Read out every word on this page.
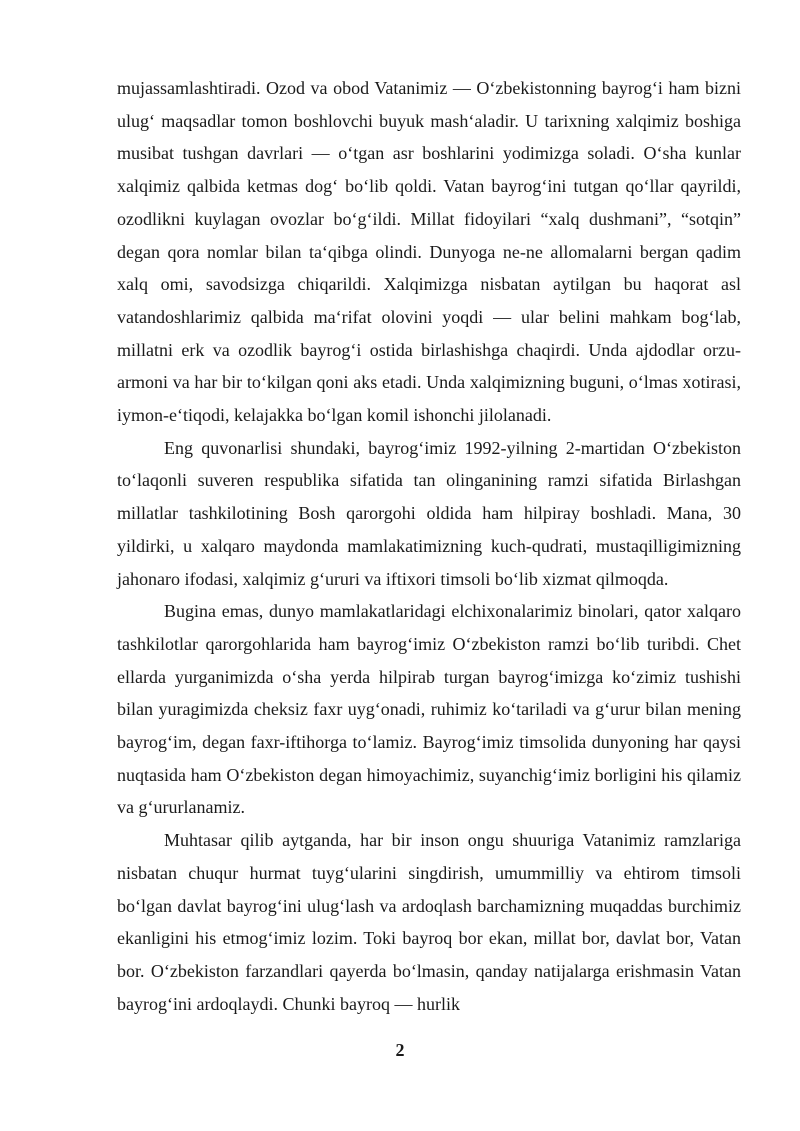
mujassamlashtiradi. Ozod va obod Vatanimiz — O‘zbekistonning bayrog‘i ham bizni ulug‘ maqsadlar tomon boshlovchi buyuk mash‘aladir. U tarixning xalqimiz boshiga musibat tushgan davrlari — o‘tgan asr boshlarini yodimizga soladi. O‘sha kunlar xalqimiz qalbida ketmas dog‘ bo‘lib qoldi. Vatan bayrog‘ini tutgan qo‘llar qayrildi, ozodlikni kuylagan ovozlar bo‘g‘ildi. Millat fidoyilari “xalq dushmani”, “sotqin” degan qora nomlar bilan ta‘qibga olindi. Dunyoga ne-ne allomalarni bergan qadim xalq omi, savodsizga chiqarildi. Xalqimizga nisbatan aytilgan bu haqorat asl vatandoshlarimiz qalbida ma‘rifat olovini yoqdi — ular belini mahkam bog‘lab, millatni erk va ozodlik bayrog‘i ostida birlashishga chaqirdi. Unda ajdodlar orzu-armoni va har bir to‘kilgan qoni aks etadi. Unda xalqimizning buguni, o‘lmas xotirasi, iymon-e‘tiqodi, kelajakka bo‘lgan komil ishonchi jilolanadi.

Eng quvonarlisi shundaki, bayrog‘imiz 1992-yilning 2-martidan O‘zbekiston to‘laqonli suveren respublika sifatida tan olinganining ramzi sifatida Birlashgan millatlar tashkilotining Bosh qarorgohi oldida ham hilpiray boshladi. Mana, 30 yildirki, u xalqaro maydonda mamlakatimizning kuch-qudrati, mustaqilligimizning jahonaro ifodasi, xalqimiz g‘ururi va iftixori timsoli bo‘lib xizmat qilmoqda.

Bugina emas, dunyo mamlakatlaridagi elchixonalarimiz binolari, qator xalqaro tashkilotlar qarorgohlarida ham bayrog‘imiz O‘zbekiston ramzi bo‘lib turibdi. Chet ellarda yurganimizda o‘sha yerda hilpirab turgan bayrog‘imizga ko‘zimiz tushishi bilan yuragimizda cheksiz faxr uyg‘onadi, ruhimiz ko‘tariladi va g‘urur bilan mening bayrog‘im, degan faxr-iftihorga to‘lamiz. Bayrog‘imiz timsolida dunyoning har qaysi nuqtasida ham O‘zbekiston degan himoyachimiz, suyanchig‘imiz borligini his qilamiz va g‘ururlanamiz.

Muhtasar qilib aytganda, har bir inson ongu shuuriga Vatanimiz ramzlariga nisbatan chuqur hurmat tuyg‘ularini singdirish, umummilliy va ehtirom timsoli bo‘lgan davlat bayrog‘ini ulug‘lash va ardoqlash barchamizning muqaddas burchimiz ekanligini his etmog‘imiz lozim. Toki bayroq bor ekan, millat bor, davlat bor, Vatan bor. O‘zbekiston farzandlari qayerda bo‘lmasin, qanday natijalarga erishmasin Vatan bayrog‘ini ardoqlaydi. Chunki bayroq — hurlik

2
